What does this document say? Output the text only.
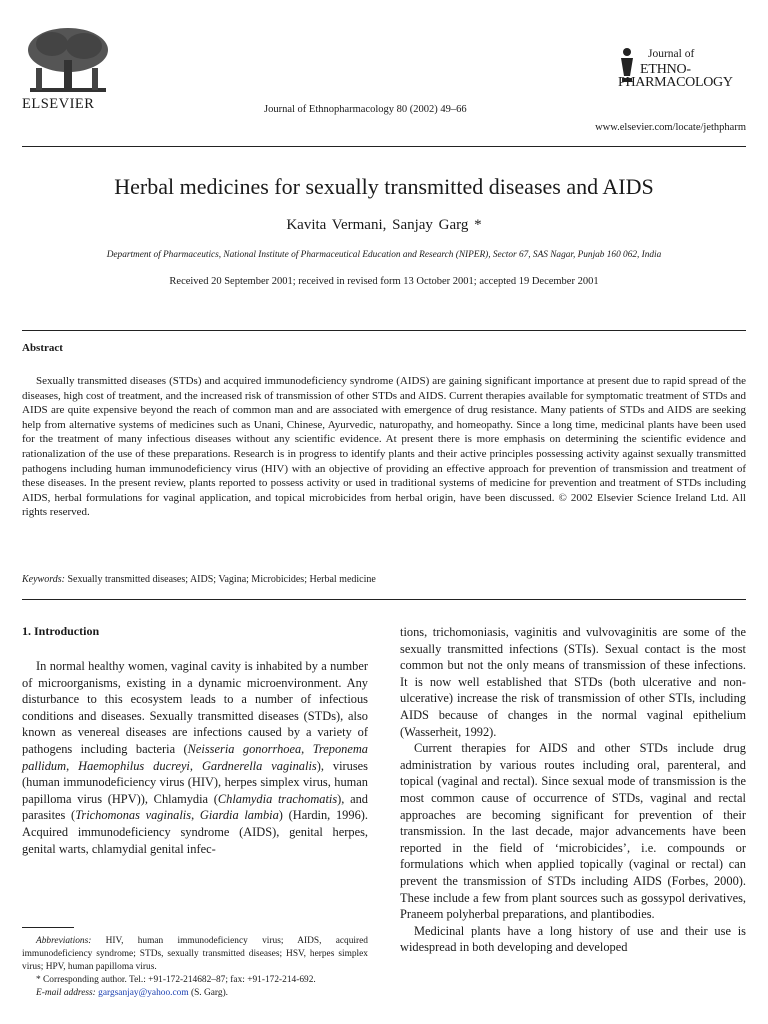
ELSEVIER	Journal of Ethnopharmacology 80 (2002) 49–66
Journal of
ETHNO-
PHARMACOLOGY
www.elsevier.com/locate/jethpharm
Herbal medicines for sexually transmitted diseases and AIDS
Kavita Vermani, Sanjay Garg *
Department of Pharmaceutics, National Institute of Pharmaceutical Education and Research (NIPER), Sector 67, SAS Nagar, Punjab 160 062, India
Received 20 September 2001; received in revised form 13 October 2001; accepted 19 December 2001
Abstract

Sexually transmitted diseases (STDs) and acquired immunodeficiency syndrome (AIDS) are gaining significant importance at present due to rapid spread of the diseases, high cost of treatment, and the increased risk of transmission of other STDs and AIDS. Current therapies available for symptomatic treatment of STDs and AIDS are quite expensive beyond the reach of common man and are associated with emergence of drug resistance. Many patients of STDs and AIDS are seeking help from alternative systems of medicines such as Unani, Chinese, Ayurvedic, naturopathy, and homeopathy. Since a long time, medicinal plants have been used for the treatment of many infectious diseases without any scientific evidence. At present there is more emphasis on determining the scientific evidence and rationalization of the use of these preparations. Research is in progress to identify plants and their active principles possessing activity against sexually transmitted pathogens including human immunodeficiency virus (HIV) with an objective of providing an effective approach for prevention of transmission and treatment of these diseases. In the present review, plants reported to possess activity or used in traditional systems of medicine for prevention and treatment of STDs including AIDS, herbal formulations for vaginal application, and topical microbicides from herbal origin, have been discussed. © 2002 Elsevier Science Ireland Ltd. All rights reserved.

Keywords: Sexually transmitted diseases; AIDS; Vagina; Microbicides; Herbal medicine
1. Introduction

In normal healthy women, vaginal cavity is inhabited by a number of microorganisms, existing in a dynamic microenvironment. Any disturbance to this ecosystem leads to a number of infectious conditions and diseases. Sexually transmitted diseases (STDs), also known as venereal diseases are infections caused by a variety of pathogens including bacteria (Neisseria gonorrhoea, Treponema pallidum, Haemophilus ducreyi, Gardnerella vaginalis), viruses (human immunodeficiency virus (HIV), herpes simplex virus, human papilloma virus (HPV)), Chlamydia (Chlamydia trachomatis), and parasites (Trichomonas vaginalis, Giardia lambia) (Hardin, 1996). Acquired immunodeficiency syndrome (AIDS), genital herpes, genital warts, chlamydial genital infec-

tions, trichomoniasis, vaginitis and vulvovaginitis are some of the sexually transmitted infections (STIs). Sexual contact is the most common but not the only means of transmission of these infections. It is now well established that STDs (both ulcerative and non-ulcerative) increase the risk of transmission of other STIs, including AIDS because of changes in the normal vaginal epithelium (Wasserheit, 1992).

Current therapies for AIDS and other STDs include drug administration by various routes including oral, parenteral, and topical (vaginal and rectal). Since sexual mode of transmission is the most common cause of occurrence of STDs, vaginal and rectal approaches are becoming significant for prevention of their transmission. In the last decade, major advancements have been reported in the field of ‘microbicides’, i.e. compounds or formulations which when applied topically (vaginal or rectal) can prevent the transmission of STDs including AIDS (Forbes, 2000). These include a few from plant sources such as gossypol derivatives, Praneem polyherbal preparations, and plantibodies.

Medicinal plants have a long history of use and their use is widespread in both developing and developed

Abbreviations: HIV, human immunodeficiency virus; AIDS, acquired immunodeficiency syndrome; STDs, sexually transmitted diseases; HSV, herpes simplex virus; HPV, human papilloma virus.

* Corresponding author. Tel.: +91-172-214682–87; fax: +91-172-214-692.

E-mail address: gargsanjay@yahoo.com (S. Garg).
